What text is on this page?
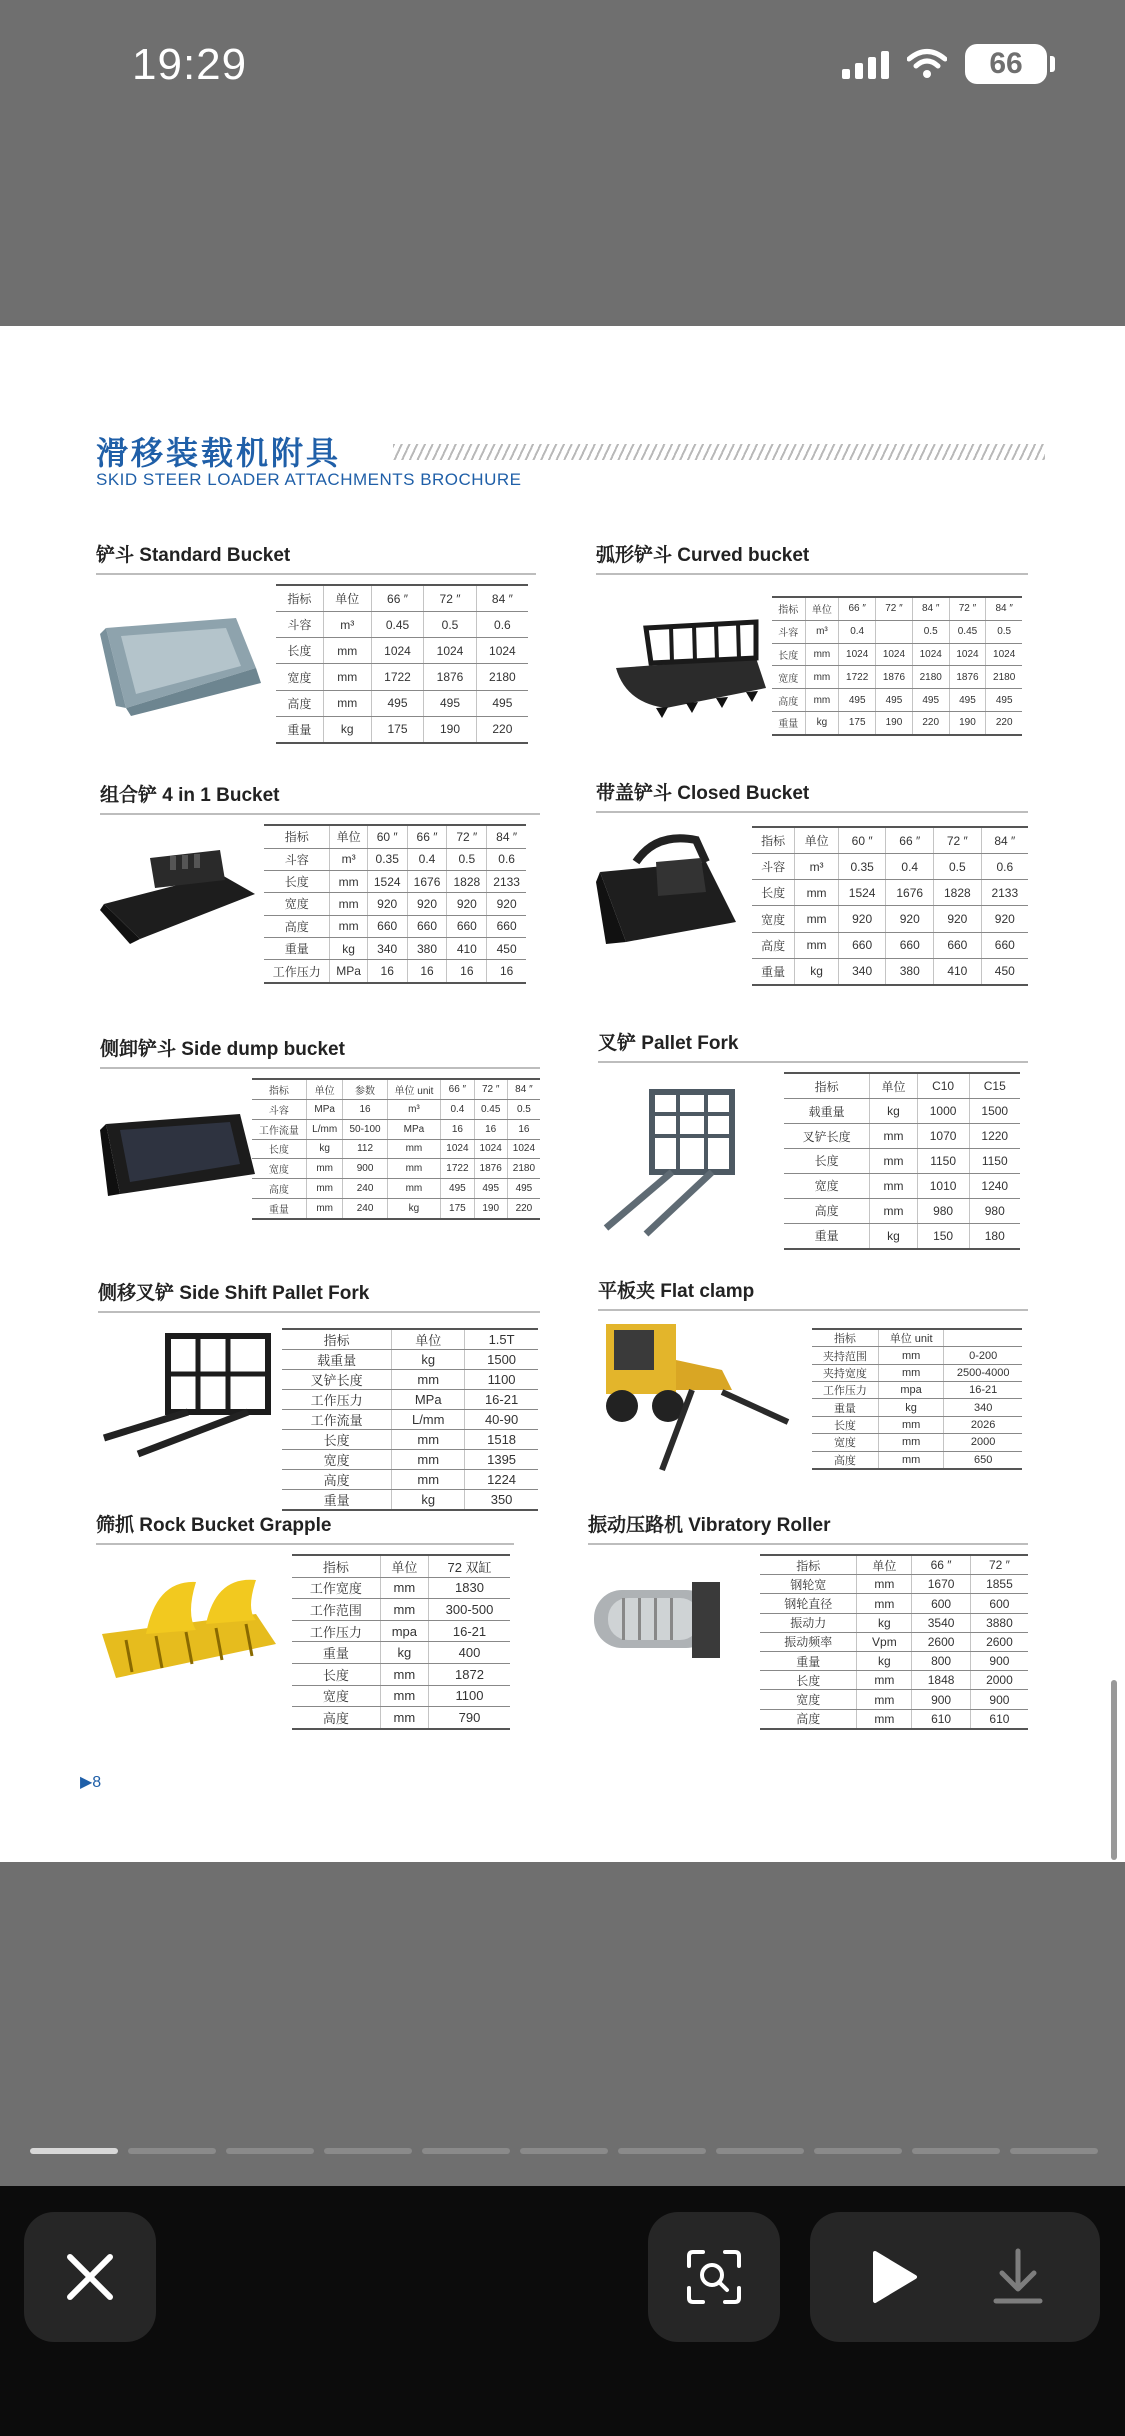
19:29	66
滑移装载机附具
SKID STEER LOADER ATTACHMENTS BROCHURE
铲斗 Standard Bucket
指标	单位	66 ″	72 ″	84 ″
斗容	m³	0.45	0.5	0.6
长度	mm	1024	1024	1024
宽度	mm	1722	1876	2180
高度	mm	495	495	495
重量	kg	175	190	220
弧形铲斗 Curved bucket
指标	单位	66 ″	72 ″	84 ″	72 ″	84 ″
斗容	m³	0.4		0.5	0.45	0.5
长度	mm	1024	1024	1024	1024	1024
宽度	mm	1722	1876	2180	1876	2180
高度	mm	495	495	495	495	495
重量	kg	175	190	220	190	220
组合铲 4 in 1 Bucket
指标	单位	60 ″	66 ″	72 ″	84 ″
斗容	m³	0.35	0.4	0.5	0.6
长度	mm	1524	1676	1828	2133
宽度	mm	920	920	920	920
高度	mm	660	660	660	660
重量	kg	340	380	410	450
工作压力	MPa	16	16	16	16
带盖铲斗 Closed Bucket
指标	单位	60 ″	66 ″	72 ″	84 ″
斗容	m³	0.35	0.4	0.5	0.6
长度	mm	1524	1676	1828	2133
宽度	mm	920	920	920	920
高度	mm	660	660	660	660
重量	kg	340	380	410	450
侧卸铲斗 Side dump bucket
指标	单位	参数	单位 unit	66 ″	72 ″	84 ″
斗容	MPa	16	m³	0.4	0.45	0.5
工作流量	L/mm	50-100	MPa	16	16	16
长度	kg	112	mm	1024	1024	1024
宽度	mm	900	mm	1722	1876	2180
高度	mm	240	mm	495	495	495
重量	mm	240	kg	175	190	220
叉铲 Pallet Fork
指标	单位	C10	C15
载重量	kg	1000	1500
叉铲长度	mm	1070	1220
长度	mm	1150	1150
宽度	mm	1010	1240
高度	mm	980	980
重量	kg	150	180
侧移叉铲 Side Shift Pallet Fork
指标	单位	1.5T
载重量	kg	1500
叉铲长度	mm	1100
工作压力	MPa	16-21
工作流量	L/mm	40-90
长度	mm	1518
宽度	mm	1395
高度	mm	1224
重量	kg	350
平板夹 Flat clamp
指标	单位 unit	
夹持范围	mm	0-200
夹持宽度	mm	2500-4000
工作压力	mpa	16-21
重量	kg	340
长度	mm	2026
宽度	mm	2000
高度	mm	650
筛抓 Rock Bucket Grapple
指标	单位	72 双缸
工作宽度	mm	1830
工作范围	mm	300-500
工作压力	mpa	16-21
重量	kg	400
长度	mm	1872
宽度	mm	1100
高度	mm	790
振动压路机 Vibratory Roller
指标	单位	66 ″	72 ″
钢轮宽	mm	1670	1855
钢轮直径	mm	600	600
振动力	kg	3540	3880
振动频率	Vpm	2600	2600
重量	kg	800	900
长度	mm	1848	2000
宽度	mm	900	900
高度	mm	610	610
▶8
